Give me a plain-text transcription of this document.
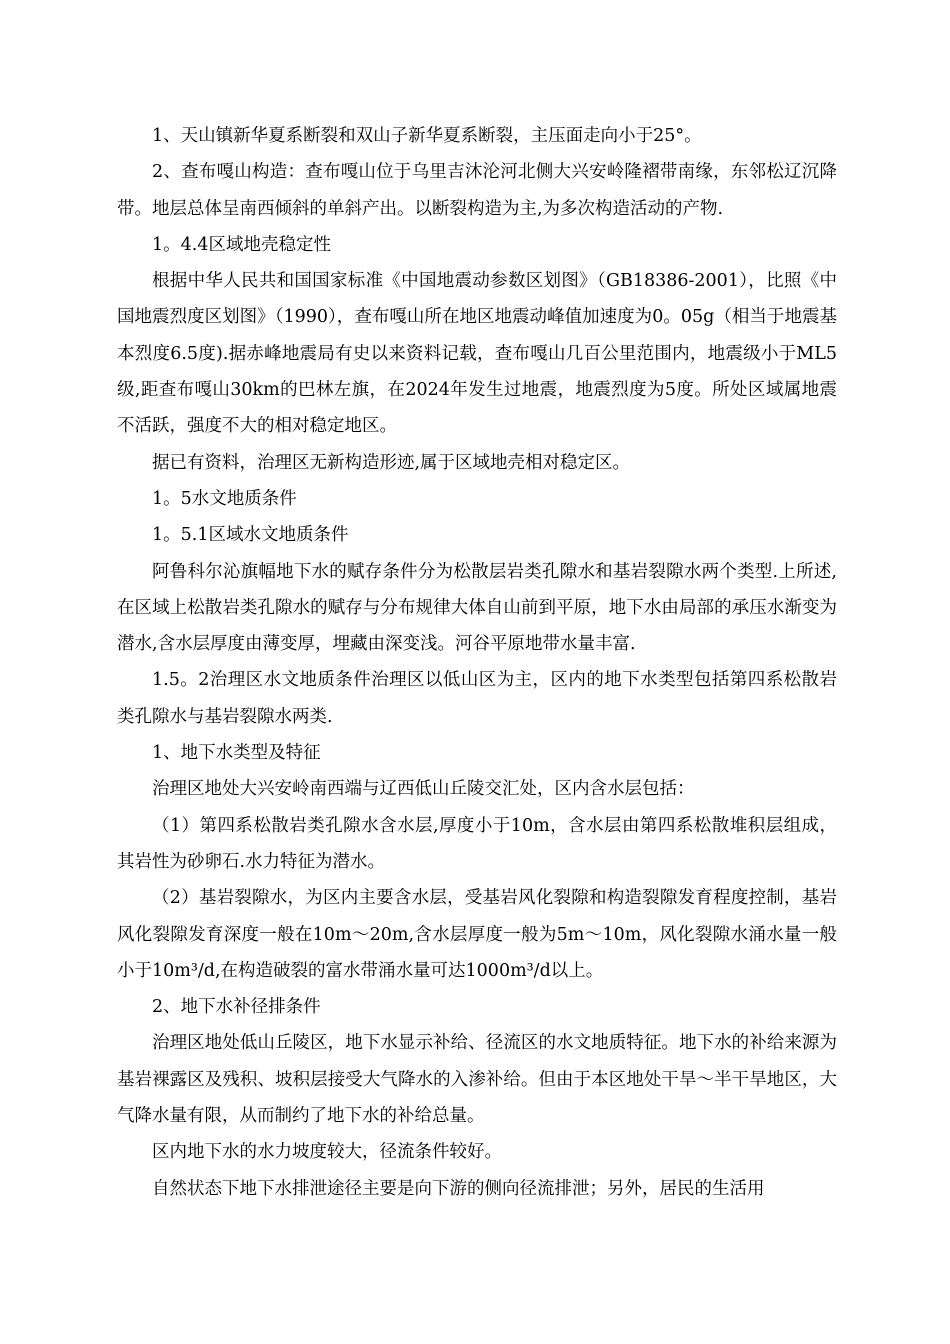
1、天山镇新华夏系断裂和双山子新华夏系断裂，主压面走向小于25°。

2、查布嘎山构造：查布嘎山位于乌里吉沐沦河北侧大兴安岭隆褶带南缘，东邻松辽沉降带。地层总体呈南西倾斜的单斜产出。以断裂构造为主,为多次构造活动的产物.

1。4.4区域地壳稳定性

根据中华人民共和国国家标准《中国地震动参数区划图》（GB18386-2001），比照《中国地震烈度区划图》（1990），查布嘎山所在地区地震动峰值加速度为0。05g（相当于地震基本烈度6.5度).据赤峰地震局有史以来资料记载，查布嘎山几百公里范围内，地震级小于ML5级,距查布嘎山30km的巴林左旗，在2024年发生过地震，地震烈度为5度。所处区域属地震不活跃，强度不大的相对稳定地区。

据已有资料，治理区无新构造形迹,属于区域地壳相对稳定区。

1。5水文地质条件

1。5.1区域水文地质条件

阿鲁科尔沁旗幅地下水的赋存条件分为松散层岩类孔隙水和基岩裂隙水两个类型.上所述,在区域上松散岩类孔隙水的赋存与分布规律大体自山前到平原，地下水由局部的承压水渐变为潜水,含水层厚度由薄变厚，埋藏由深变浅。河谷平原地带水量丰富.

1.5。2治理区水文地质条件治理区以低山区为主，区内的地下水类型包括第四系松散岩类孔隙水与基岩裂隙水两类.

1、地下水类型及特征

治理区地处大兴安岭南西端与辽西低山丘陵交汇处，区内含水层包括：

（1）第四系松散岩类孔隙水含水层,厚度小于10m，含水层由第四系松散堆积层组成，其岩性为砂卵石.水力特征为潜水。

（2）基岩裂隙水，为区内主要含水层，受基岩风化裂隙和构造裂隙发育程度控制，基岩风化裂隙发育深度一般在10m～20m,含水层厚度一般为5m～10m，风化裂隙水涌水量一般小于10m³/d,在构造破裂的富水带涌水量可达1000m³/d以上。

2、地下水补径排条件

治理区地处低山丘陵区，地下水显示补给、径流区的水文地质特征。地下水的补给来源为基岩裸露区及残积、坡积层接受大气降水的入渗补给。但由于本区地处干旱～半干旱地区，大气降水量有限，从而制约了地下水的补给总量。

区内地下水的水力坡度较大，径流条件较好。

自然状态下地下水排泄途径主要是向下游的侧向径流排泄；另外，居民的生活用
